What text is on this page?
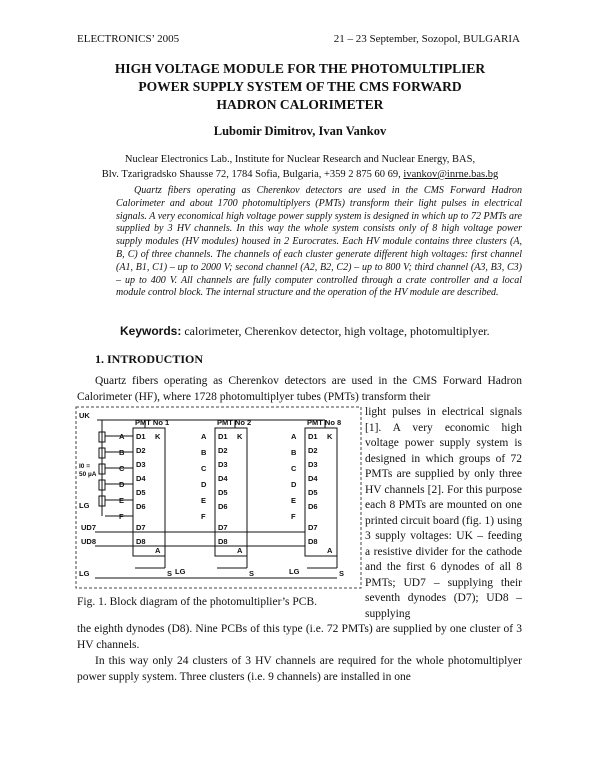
ELECTRONICS’ 2005	21 – 23 September, Sozopol, BULGARIA
HIGH VOLTAGE MODULE FOR THE PHOTOMULTIPLIER
POWER SUPPLY SYSTEM OF THE CMS FORWARD
HADRON CALORIMETER
Lubomir Dimitrov, Ivan Vankov
Nuclear Electronics Lab., Institute for Nuclear Research and Nuclear Energy, BAS,
Blv. Tzarigradsko Shausse 72, 1784 Sofia, Bulgaria, +359 2 875 60 69, ivankov@inrne.bas.bg
Quartz fibers operating as Cherenkov detectors are used in the CMS Forward Hadron Calorimeter and about 1700 photomultiplyers (PMTs) transform their light pulses in electrical signals. A very economical high voltage power supply system is designed in which up to 72 PMTs are supplied by 3 HV channels. In this way the whole system consists only of 8 high voltage power supply modules (HV modules) housed in 2 Eurocrates. Each HV module contains three clusters (A, B, C) of three channels. The channels of each cluster generate different high voltages: first channel (A1, B1, C1) – up to 2000 V; second channel (A2, B2, C2) – up to 800 V; third channel (A3, B3, C3) – up to 400 V. All channels are fully computer controlled through a crate controller and a local module control block. The internal structure and the operation of the HV module are described.
Keywords: calorimeter, Cherenkov detector, high voltage, photomultiplyer.
1. INTRODUCTION
Quartz fibers operating as Cherenkov detectors are used in the CMS Forward Hadron Calorimeter (HF), where 1728 photomultiplyer tubes (PMTs) transform their
light pulses in electrical signals [1]. A very economic high voltage power supply system is designed in which groups of 72 PMTs are supplied by only three HV channels [2]. For this purpose each 8 PMTs are mounted on one printed circuit board (fig. 1) using 3 supply voltages: UK – feeding a resistive divider for the cathode and the first 6 dynodes of all 8 PMTs; UD7 – supplying their seventh dynodes (D7); UD8 – supplying
the eighth dynodes (D8). Nine PCBs of this type (i.e. 72 PMTs) are supplied by one cluster of 3 HV channels.
In this way only 24 clusters of 3 HV channels are required for the whole photomultiplyer power supply system. Three clusters (i.e. 9 channels) are installed in one
PMT No 1	PMT No 2	PMT No 8
UK
UD7
UD8
I0 =
50 µA
LG
LG	LG	LG
A
B
C
D
E
F
D1
D2
D3
D4
D5
D6
D7
D8
K
A
S
A
B
C
D
E
F
D1
D2
D3
D4
D5
D6
D7
D8
K
A
S
A
B
C
D
E
F
D1
D2
D3
D4
D5
D6
D7
D8
K
A
S
Fig. 1. Block diagram of the photomultiplier’s PCB.
